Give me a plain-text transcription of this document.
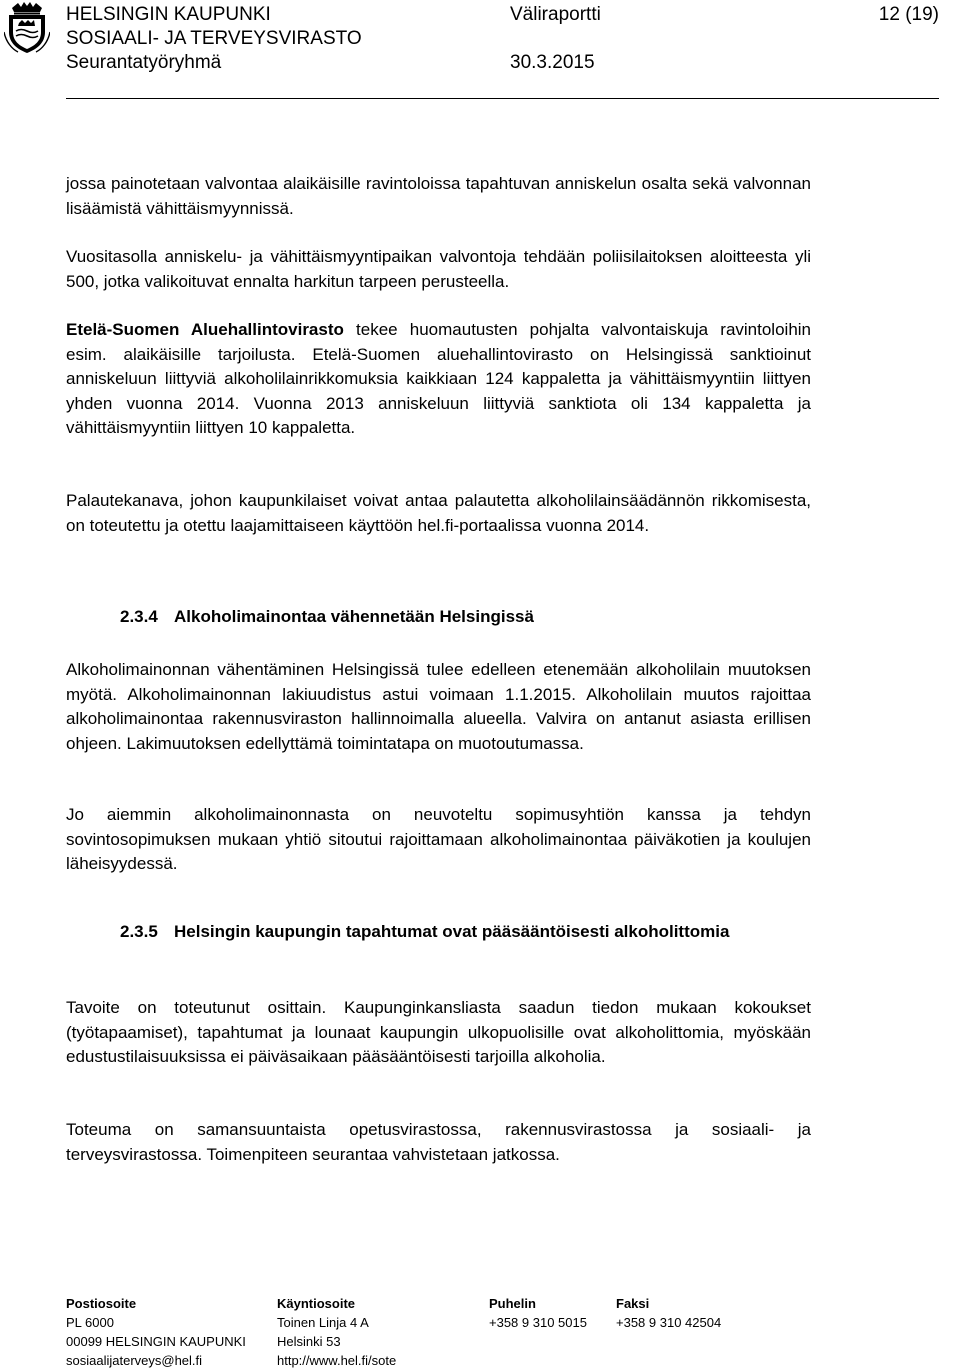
HELSINGIN KAUPUNKI
SOSIAALI- JA TERVEYSVIRASTO
Seurantatyöryhmä
Väliraportti

30.3.2015
12 (19)

jossa painotetaan valvontaa alaikäisille ravintoloissa tapahtuvan anniskelun osalta sekä valvonnan lisäämistä vähittäismyynnissä.

Vuositasolla anniskelu- ja vähittäismyyntipaikan valvontoja tehdään poliisilaitoksen aloitteesta yli 500, jotka valikoituvat ennalta harkitun tarpeen perusteella.

Etelä-Suomen Aluehallintovirasto tekee huomautusten pohjalta valvontaiskuja ravintoloihin esim. alaikäisille tarjoilusta. Etelä-Suomen aluehallintovirasto on Helsingissä sanktioinut anniskeluun liittyviä alkoholilainrikkomuksia kaikkiaan 124 kappaletta ja vähittäismyyntiin liittyen yhden vuonna 2014. Vuonna 2013 anniskeluun liittyviä sanktiota oli 134 kappaletta ja vähittäismyyntiin liittyen 10 kappaletta.

Palautekanava, johon kaupunkilaiset voivat antaa palautetta alkoholilainsäädännön rikkomisesta, on toteutettu ja otettu laajamittaiseen käyttöön hel.fi-portaalissa vuonna 2014.

2.3.4 Alkoholimainontaa vähennetään Helsingissä

Alkoholimainonnan vähentäminen Helsingissä tulee edelleen etenemään alkoholilain muutoksen myötä. Alkoholimainonnan lakiuudistus astui voimaan 1.1.2015. Alkoholilain muutos rajoittaa alkoholimainontaa rakennusviraston hallinnoimalla alueella. Valvira on antanut asiasta erillisen ohjeen. Lakimuutoksen edellyttämä toimintatapa on muotoutumassa.

Jo aiemmin alkoholimainonnasta on neuvoteltu sopimusyhtiön kanssa ja tehdyn sovintosopimuksen mukaan yhtiö sitoutui rajoittamaan alkoholimainontaa päiväkotien ja koulujen läheisyydessä.

2.3.5 Helsingin kaupungin tapahtumat ovat pääsääntöisesti alkoholittomia

Tavoite on toteutunut osittain. Kaupunginkansliasta saadun tiedon mukaan kokoukset (työtapaamiset), tapahtumat ja lounaat kaupungin ulkopuolisille ovat alkoholittomia, myöskään edustustilaisuuksissa ei päiväsaikaan pääsääntöisesti tarjoilla alkoholia.

Toteuma on samansuuntaista opetusvirastossa, rakennusvirastossa ja sosiaali- ja terveysvirastossa. Toimenpiteen seurantaa vahvistetaan jatkossa.

Postiosoite
PL 6000
00099 HELSINGIN KAUPUNKI
sosiaalijaterveys@hel.fi
Käyntiosoite
Toinen Linja 4 A
Helsinki 53
http://www.hel.fi/sote
Puhelin
+358 9 310 5015
Faksi
+358 9 310 42504
